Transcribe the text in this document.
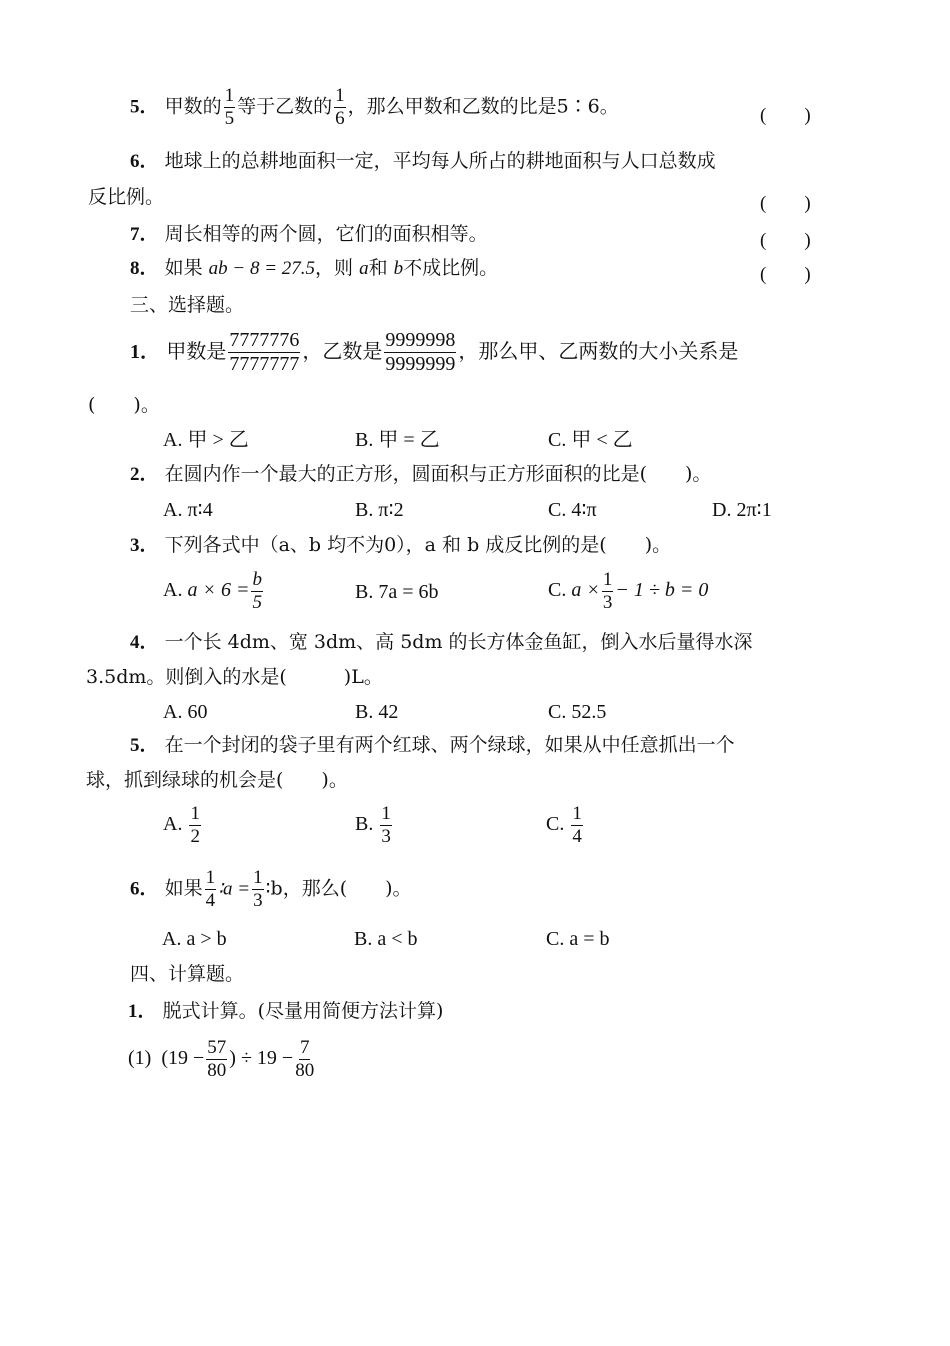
5． 甲数的 $\frac{1}{5}$ 等于乙数的 $\frac{1}{6}$ ，那么甲数和乙数的比是5∶6。	(　　)
6． 地球上的总耕地面积一定，平均每人所占的耕地面积与人口总数成
反比例。	(　　)
7． 周长相等的两个圆，它们的面积相等。	(　　)
8． 如果 ab − 8 = 27.5，则 a和 b不成比例。	(　　)
三、选择题。
1． 甲数是 $\frac{7777776}{7777777}$ ，乙数是 $\frac{9999998}{9999999}$ ，那么甲、乙两数的大小关系是
(　　)。
A. 甲 > 乙	B. 甲 = 乙	C. 甲 < 乙
2． 在圆内作一个最大的正方形，圆面积与正方形面积的比是(　　)。
A. π∶4	B. π∶2	C. 4∶π	D. 2π∶1
3． 下列各式中（a、b 均不为0），a 和 b 成反比例的是(　　)。
A. $a \times 6 = \frac{b}{5}$	B. 7a = 6b	C. $a \times \frac{1}{3} - 1 \div b = 0$
4． 一个长 4dm、宽 3dm、高 5dm 的长方体金鱼缸，倒入水后量得水深
3.5dm。则倒入的水是(　　　)L。
A. 60	B. 42	C. 52.5
5． 在一个封闭的袋子里有两个红球、两个绿球，如果从中任意抓出一个
球，抓到绿球的机会是(　　)。
A. $\frac{1}{2}$	B. $\frac{1}{3}$	C. $\frac{1}{4}$
6． 如果 $\frac{1}{4}$ ∶a = $\frac{1}{3}$ ∶b，那么(　　)。
A. a > b	B. a < b	C. a = b
四、计算题。
1． 脱式计算。(尽量用简便方法计算)
(1) ($19 - \frac{57}{80}$ ) ÷ $19 - \frac{7}{80}$
